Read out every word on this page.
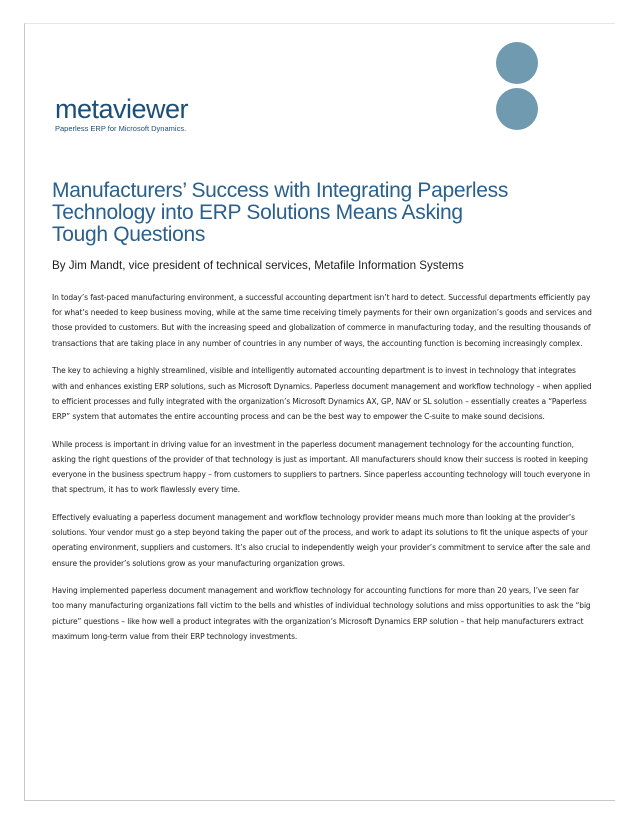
metaviewer
Paperless ERP for Microsoft Dynamics.
Manufacturers’ Success with Integrating Paperless
Technology into ERP Solutions Means Asking
Tough Questions

By Jim Mandt, vice president of technical services, Metafile Information Systems

In today’s fast-paced manufacturing environment, a successful accounting department isn’t hard to detect. Successful departments efficiently pay for what’s needed to keep business moving, while at the same time receiving timely payments for their own organization’s goods and services and those provided to customers. But with the increasing speed and globalization of commerce in manufacturing today, and the resulting thousands of transactions that are taking place in any number of countries in any number of ways, the accounting function is becoming increasingly complex.

The key to achieving a highly streamlined, visible and intelligently automated accounting department is to invest in technology that integrates with and enhances existing ERP solutions, such as Microsoft Dynamics. Paperless document management and workflow technology – when applied to efficient processes and fully integrated with the organization’s Microsoft Dynamics AX, GP, NAV or SL solution – essentially creates a “Paperless ERP” system that automates the entire accounting process and can be the best way to empower the C-suite to make sound decisions.

While process is important in driving value for an investment in the paperless document management technology for the accounting function, asking the right questions of the provider of that technology is just as important. All manufacturers should know their success is rooted in keeping everyone in the business spectrum happy – from customers to suppliers to partners. Since paperless accounting technology will touch everyone in that spectrum, it has to work flawlessly every time.

Effectively evaluating a paperless document management and workflow technology provider means much more than looking at the provider’s solutions. Your vendor must go a step beyond taking the paper out of the process, and work to adapt its solutions to fit the unique aspects of your operating environment, suppliers and customers. It’s also crucial to independently weigh your provider’s commitment to service after the sale and ensure the provider’s solutions grow as your manufacturing organization grows.

Having implemented paperless document management and workflow technology for accounting functions for more than 20 years, I’ve seen far too many manufacturing organizations fall victim to the bells and whistles of individual technology solutions and miss opportunities to ask the “big picture” questions – like how well a product integrates with the organization’s Microsoft Dynamics ERP solution – that help manufacturers extract maximum long-term value from their ERP technology investments.
